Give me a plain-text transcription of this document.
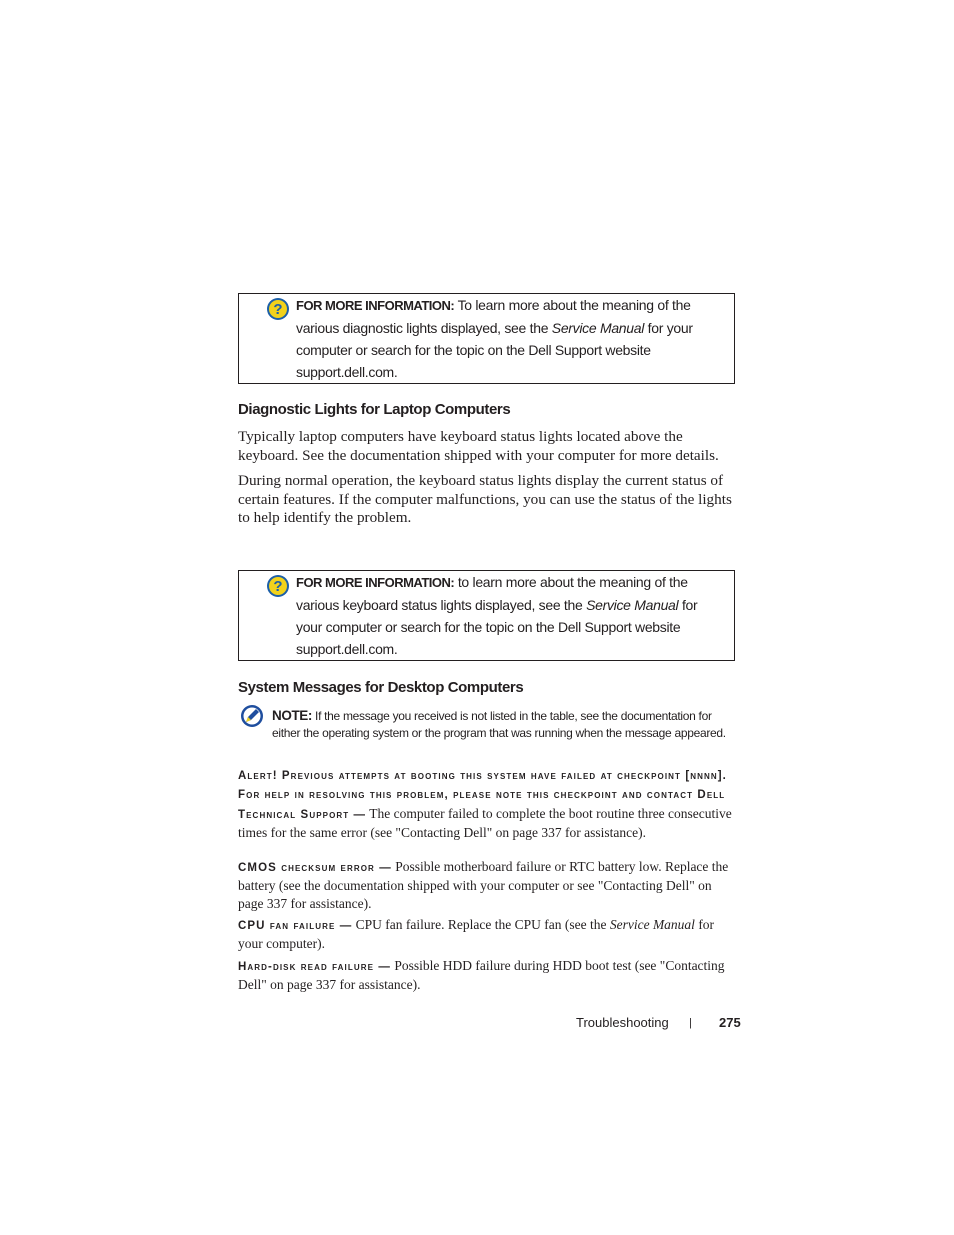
? FOR MORE INFORMATION: To learn more about the meaning of the various diagnostic lights displayed, see the Service Manual for your computer or search for the topic on the Dell Support website support.dell.com.
Diagnostic Lights for Laptop Computers
Typically laptop computers have keyboard status lights located above the keyboard. See the documentation shipped with your computer for more details.
During normal operation, the keyboard status lights display the current status of certain features. If the computer malfunctions, you can use the status of the lights to help identify the problem.
? FOR MORE INFORMATION: to learn more about the meaning of the various keyboard status lights displayed, see the Service Manual for your computer or search for the topic on the Dell Support website support.dell.com.
System Messages for Desktop Computers
NOTE: If the message you received is not listed in the table, see the documentation for either the operating system or the program that was running when the message appeared.
Alert! Previous attempts at booting this system have failed at checkpoint [nnnn]. For help in resolving this problem, please note this checkpoint and contact Dell Technical Support — The computer failed to complete the boot routine three consecutive times for the same error (see "Contacting Dell" on page 337 for assistance).
CMOS checksum error — Possible motherboard failure or RTC battery low. Replace the battery (see the documentation shipped with your computer or see "Contacting Dell" on page 337 for assistance).
CPU fan failure — CPU fan failure. Replace the CPU fan (see the Service Manual for your computer).
Hard-disk read failure — Possible HDD failure during HDD boot test (see "Contacting Dell" on page 337 for assistance).
Troubleshooting | 275
